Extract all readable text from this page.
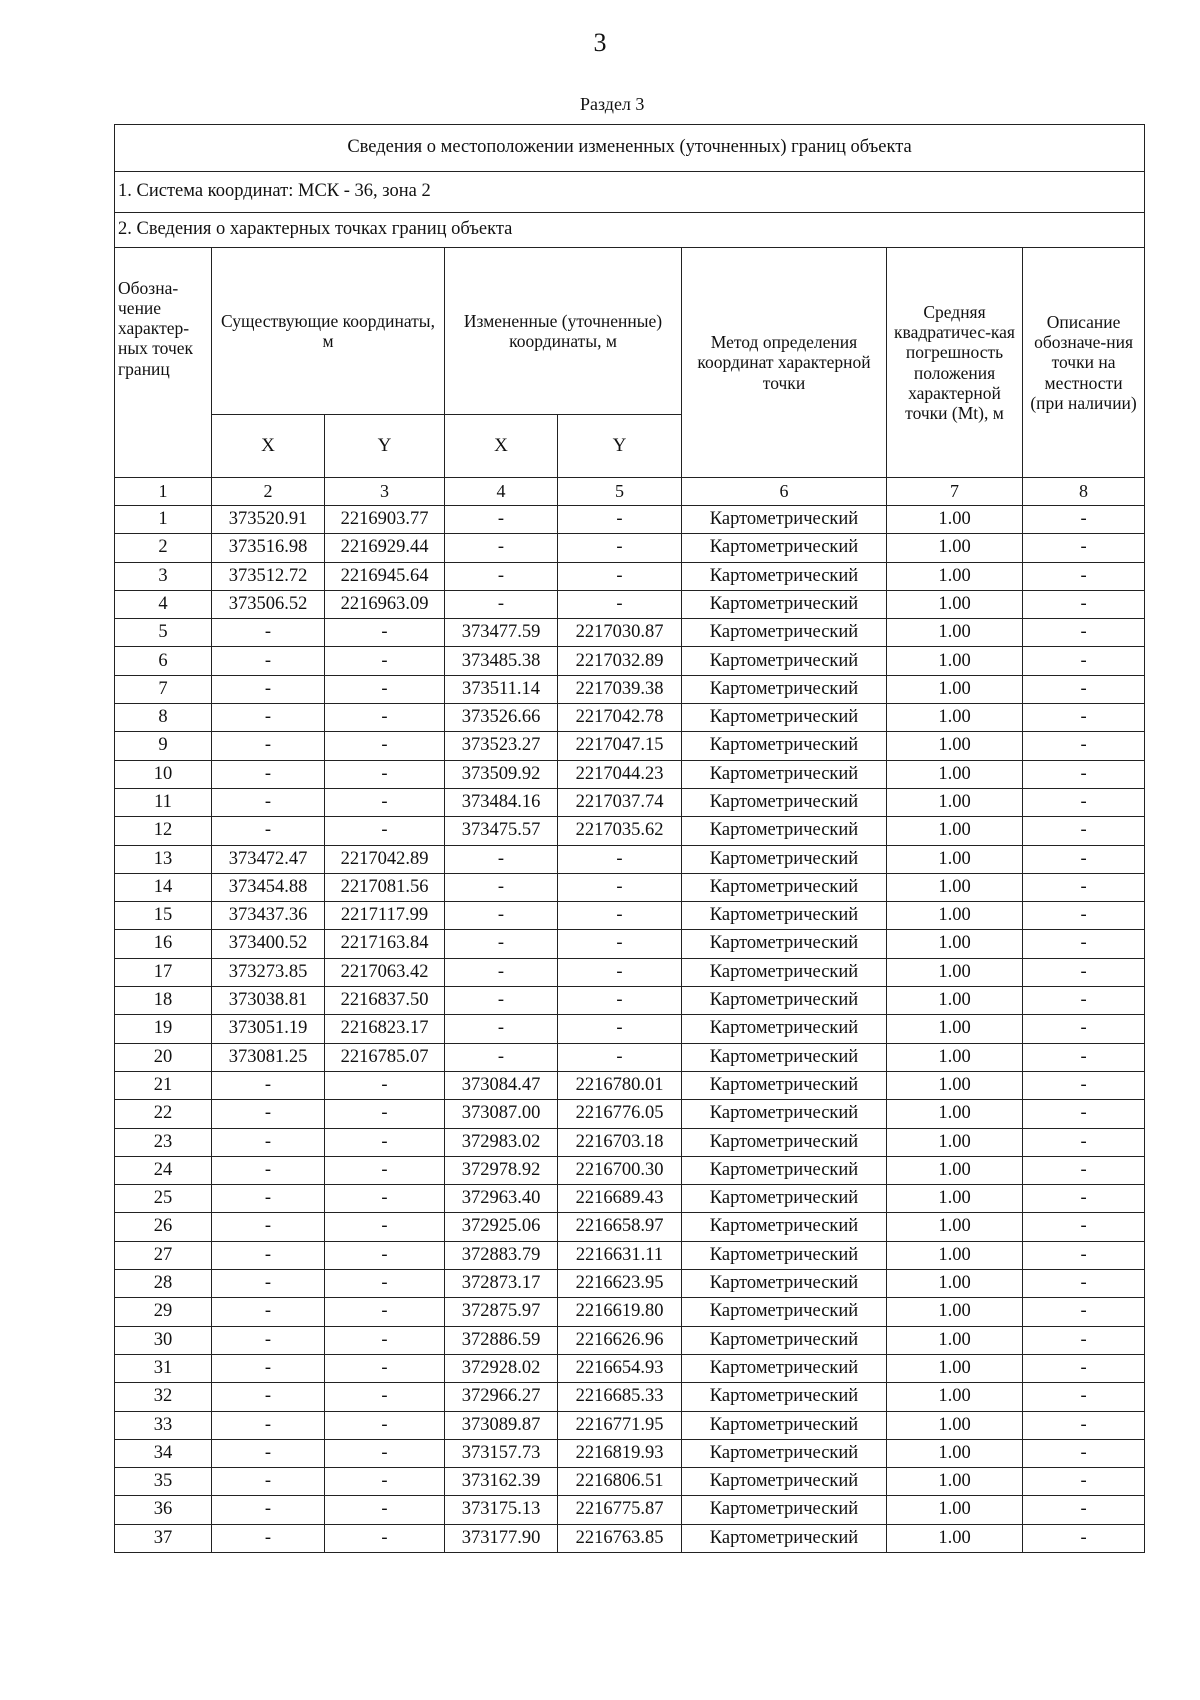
3
Раздел 3
Сведения о местоположении измененных (уточненных) границ объекта							
1. Система координат: МСК - 36, зона 2							
2. Сведения о характерных точках границ объекта							
Обозна-чение характер-ных точек границ	Существующие координаты, м		Измененные (уточненные) координаты, м		Метод определения координат характерной точки	Средняя квадратичес-кая погрешность положения характерной точки (Mt), м	Описание обозначе-ния точки на местности (при наличии)
	X	Y	X	Y			
1	2	3	4	5	6	7	8
1	373520.91	2216903.77	-	-	Картометрический	1.00	-
2	373516.98	2216929.44	-	-	Картометрический	1.00	-
3	373512.72	2216945.64	-	-	Картометрический	1.00	-
4	373506.52	2216963.09	-	-	Картометрический	1.00	-
5	-	-	373477.59	2217030.87	Картометрический	1.00	-
6	-	-	373485.38	2217032.89	Картометрический	1.00	-
7	-	-	373511.14	2217039.38	Картометрический	1.00	-
8	-	-	373526.66	2217042.78	Картометрический	1.00	-
9	-	-	373523.27	2217047.15	Картометрический	1.00	-
10	-	-	373509.92	2217044.23	Картометрический	1.00	-
11	-	-	373484.16	2217037.74	Картометрический	1.00	-
12	-	-	373475.57	2217035.62	Картометрический	1.00	-
13	373472.47	2217042.89	-	-	Картометрический	1.00	-
14	373454.88	2217081.56	-	-	Картометрический	1.00	-
15	373437.36	2217117.99	-	-	Картометрический	1.00	-
16	373400.52	2217163.84	-	-	Картометрический	1.00	-
17	373273.85	2217063.42	-	-	Картометрический	1.00	-
18	373038.81	2216837.50	-	-	Картометрический	1.00	-
19	373051.19	2216823.17	-	-	Картометрический	1.00	-
20	373081.25	2216785.07	-	-	Картометрический	1.00	-
21	-	-	373084.47	2216780.01	Картометрический	1.00	-
22	-	-	373087.00	2216776.05	Картометрический	1.00	-
23	-	-	372983.02	2216703.18	Картометрический	1.00	-
24	-	-	372978.92	2216700.30	Картометрический	1.00	-
25	-	-	372963.40	2216689.43	Картометрический	1.00	-
26	-	-	372925.06	2216658.97	Картометрический	1.00	-
27	-	-	372883.79	2216631.11	Картометрический	1.00	-
28	-	-	372873.17	2216623.95	Картометрический	1.00	-
29	-	-	372875.97	2216619.80	Картометрический	1.00	-
30	-	-	372886.59	2216626.96	Картометрический	1.00	-
31	-	-	372928.02	2216654.93	Картометрический	1.00	-
32	-	-	372966.27	2216685.33	Картометрический	1.00	-
33	-	-	373089.87	2216771.95	Картометрический	1.00	-
34	-	-	373157.73	2216819.93	Картометрический	1.00	-
35	-	-	373162.39	2216806.51	Картометрический	1.00	-
36	-	-	373175.13	2216775.87	Картометрический	1.00	-
37	-	-	373177.90	2216763.85	Картометрический	1.00	-
